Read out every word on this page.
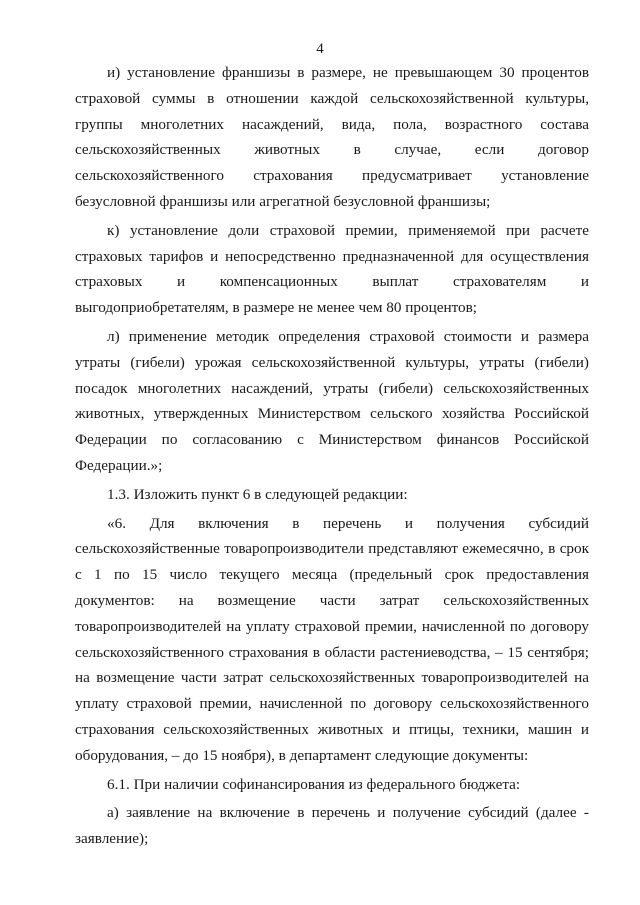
4

и) установление франшизы в размере, не превышающем 30 процентов страховой суммы в отношении каждой сельскохозяйственной культуры, группы многолетних насаждений, вида, пола, возрастного состава сельскохозяйственных животных в случае, если договор сельскохозяйственного страхования предусматривает установление безусловной франшизы или агрегатной безусловной франшизы;

к) установление доли страховой премии, применяемой при расчете страховых тарифов и непосредственно предназначенной для осуществления страховых и компенсационных выплат страхователям и выгодоприобретателям, в размере не менее чем 80 процентов;

л) применение методик определения страховой стоимости и размера утраты (гибели) урожая сельскохозяйственной культуры, утраты (гибели) посадок многолетних насаждений, утраты (гибели) сельскохозяйственных животных, утвержденных Министерством сельского хозяйства Российской Федерации по согласованию с Министерством финансов Российской Федерации.»;

1.3. Изложить пункт 6 в следующей редакции:

«6. Для включения в перечень и получения субсидий сельскохозяйственные товаропроизводители представляют ежемесячно, в срок с 1 по 15 число текущего месяца (предельный срок предоставления документов: на возмещение части затрат сельскохозяйственных товаропроизводителей на уплату страховой премии, начисленной по договору сельскохозяйственного страхования в области растениеводства, – 15 сентября; на возмещение части затрат сельскохозяйственных товаропроизводителей на уплату страховой премии, начисленной по договору сельскохозяйственного страхования сельскохозяйственных животных и птицы, техники, машин и оборудования, – до 15 ноября), в департамент следующие документы:

6.1. При наличии софинансирования из федерального бюджета:

а) заявление на включение в перечень и получение субсидий (далее - заявление);
